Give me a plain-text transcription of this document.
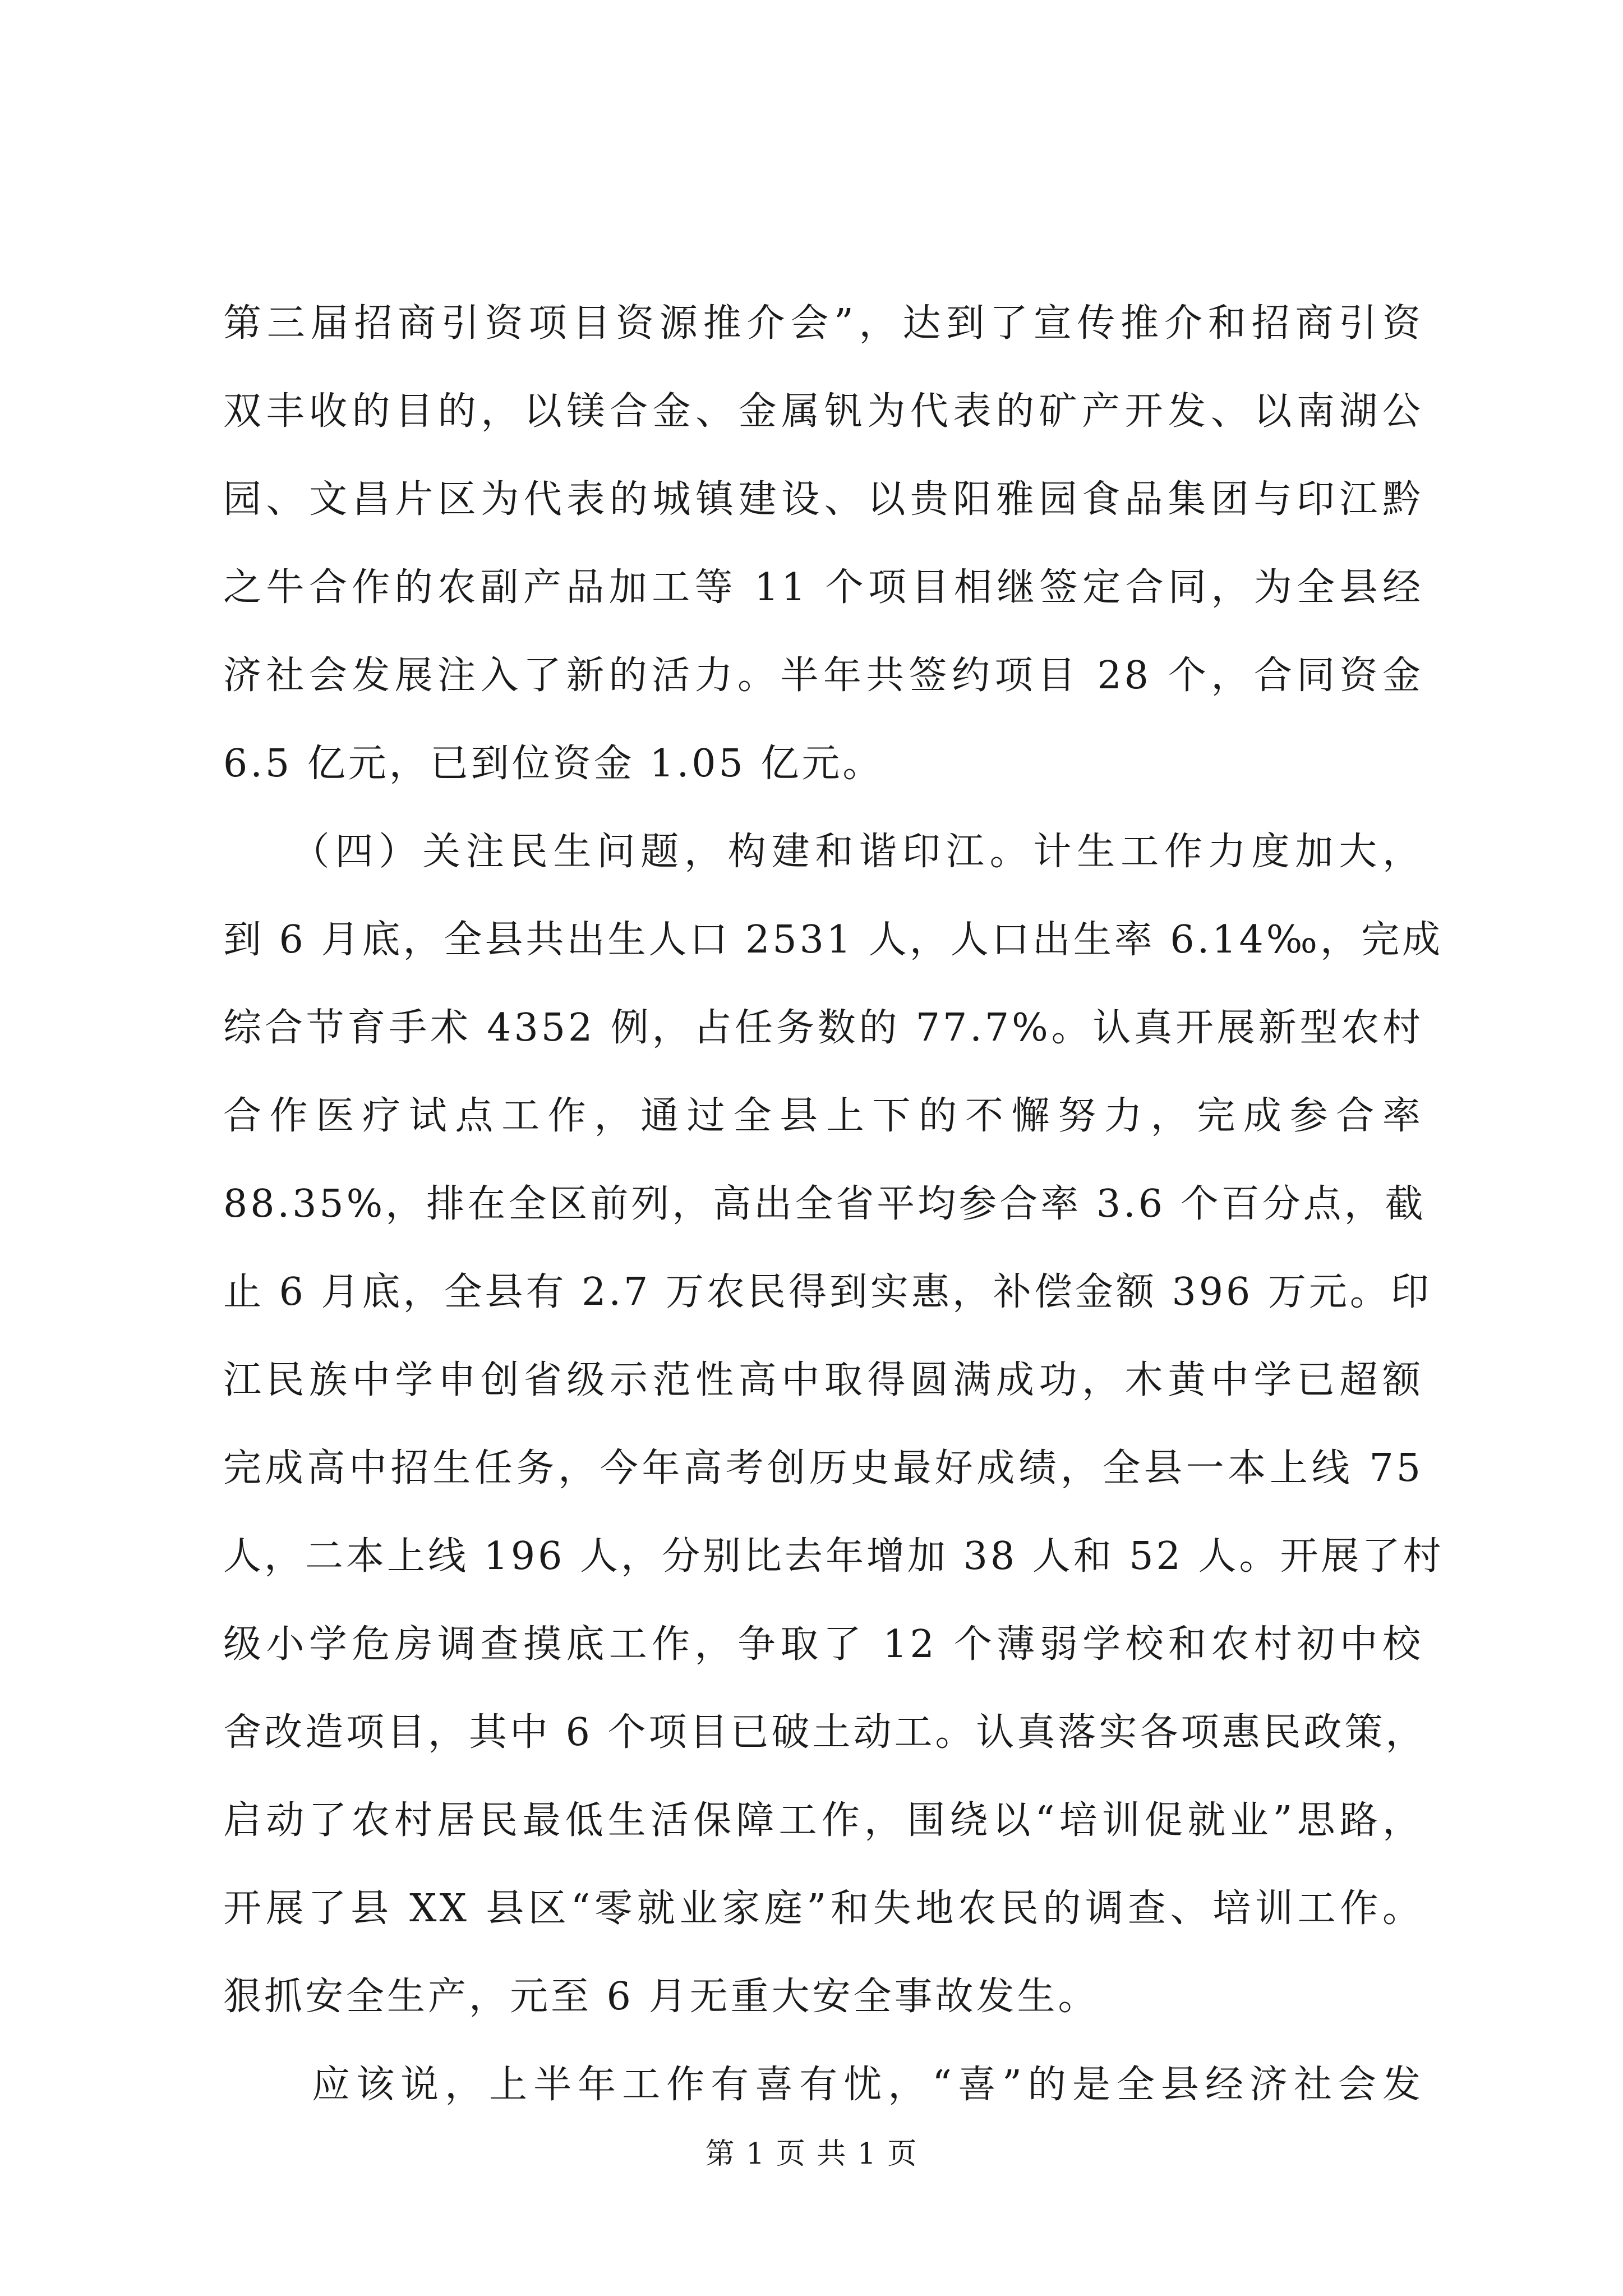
第三届招商引资项目资源推介会”，达到了宣传推介和招商引资

双丰收的目的，以镁合金、金属钒为代表的矿产开发、以南湖公

园、文昌片区为代表的城镇建设、以贵阳雅园食品集团与印江黔

之牛合作的农副产品加工等 11 个项目相继签定合同，为全县经

济社会发展注入了新的活力。半年共签约项目 28 个，合同资金

6.5 亿元，已到位资金 1.05 亿元。

　　（四）关注民生问题，构建和谐印江。计生工作力度加大，

到 6 月底，全县共出生人口 2531 人，人口出生率 6.14‰，完成

综合节育手术 4352 例，占任务数的 77.7%。认真开展新型农村

合作医疗试点工作，通过全县上下的不懈努力，完成参合率

88.35%，排在全区前列，高出全省平均参合率 3.6 个百分点，截

止 6 月底，全县有 2.7 万农民得到实惠，补偿金额 396 万元。印

江民族中学申创省级示范性高中取得圆满成功，木黄中学已超额

完成高中招生任务，今年高考创历史最好成绩，全县一本上线 75

人，二本上线 196 人，分别比去年增加 38 人和 52 人。开展了村

级小学危房调查摸底工作，争取了 12 个薄弱学校和农村初中校

舍改造项目，其中 6 个项目已破土动工。认真落实各项惠民政策，

启动了农村居民最低生活保障工作，围绕以“培训促就业”思路，

开展了县 XX 县区“零就业家庭”和失地农民的调查、培训工作。

狠抓安全生产，元至 6 月无重大安全事故发生。

　　应该说，上半年工作有喜有忧，“喜”的是全县经济社会发

第 1 页 共 1 页
